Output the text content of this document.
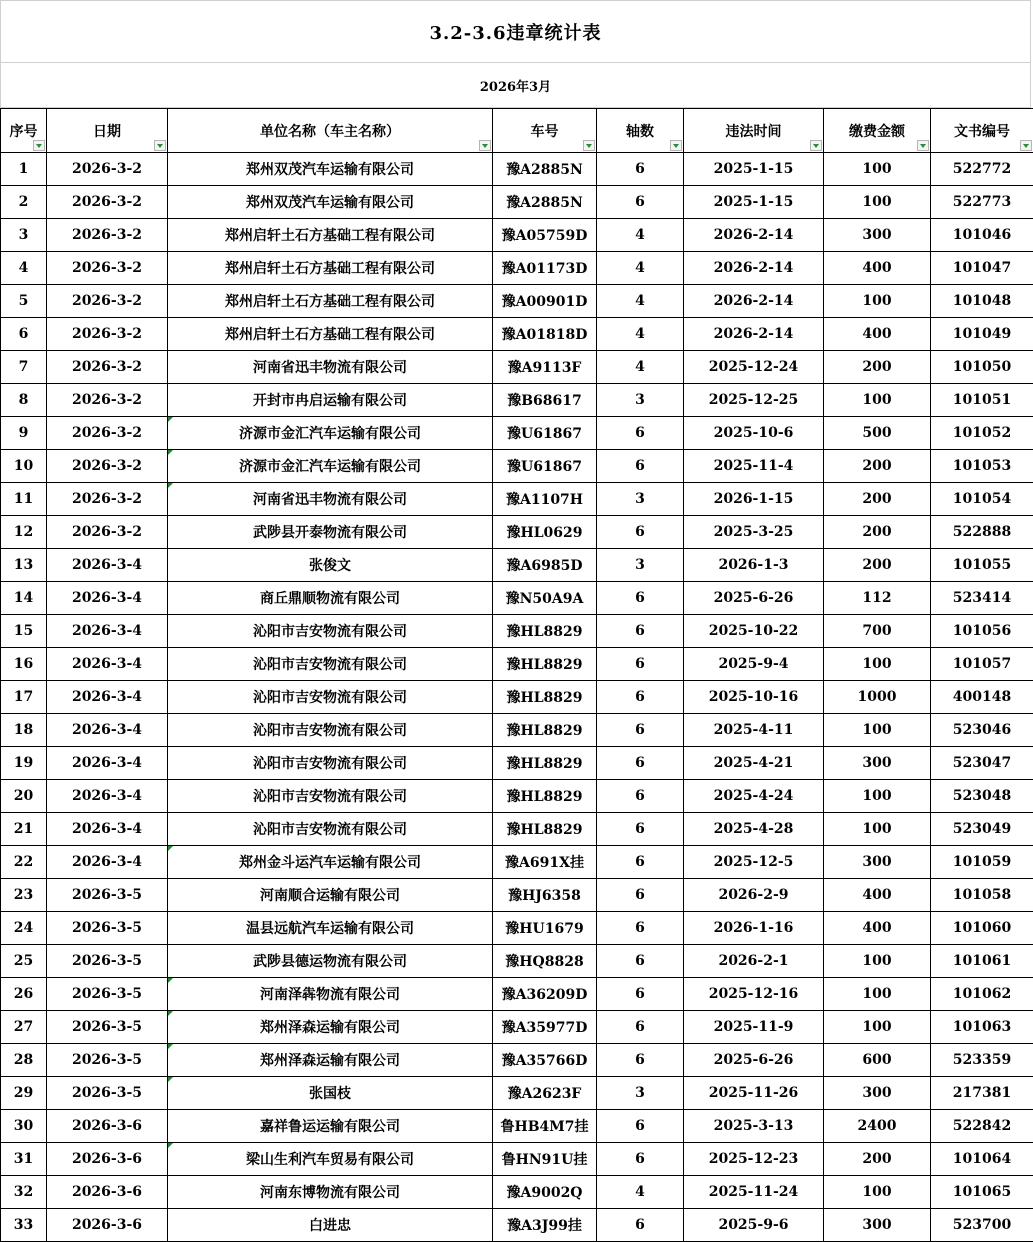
3.2-3.6违章统计表
2026年3月
序号	日期	单位名称（车主名称）	车号	轴数	违法时间	缴费金额	文书编号

1	2026-3-2	郑州双茂汽车运输有限公司	豫A2885N	6	2025-1-15	100	522772
2	2026-3-2	郑州双茂汽车运输有限公司	豫A2885N	6	2025-1-15	100	522773
3	2026-3-2	郑州启轩土石方基础工程有限公司	豫A05759D	4	2026-2-14	300	101046
4	2026-3-2	郑州启轩土石方基础工程有限公司	豫A01173D	4	2026-2-14	400	101047
5	2026-3-2	郑州启轩土石方基础工程有限公司	豫A00901D	4	2026-2-14	100	101048
6	2026-3-2	郑州启轩土石方基础工程有限公司	豫A01818D	4	2026-2-14	400	101049
7	2026-3-2	河南省迅丰物流有限公司	豫A9113F	4	2025-12-24	200	101050
8	2026-3-2	开封市冉启运输有限公司	豫B68617	3	2025-12-25	100	101051
9	2026-3-2	济源市金汇汽车运输有限公司	豫U61867	6	2025-10-6	500	101052
10	2026-3-2	济源市金汇汽车运输有限公司	豫U61867	6	2025-11-4	200	101053
11	2026-3-2	河南省迅丰物流有限公司	豫A1107H	3	2026-1-15	200	101054
12	2026-3-2	武陟县开泰物流有限公司	豫HL0629	6	2025-3-25	200	522888
13	2026-3-4	张俊文	豫A6985D	3	2026-1-3	200	101055
14	2026-3-4	商丘鼎顺物流有限公司	豫N50A9A	6	2025-6-26	112	523414
15	2026-3-4	沁阳市吉安物流有限公司	豫HL8829	6	2025-10-22	700	101056
16	2026-3-4	沁阳市吉安物流有限公司	豫HL8829	6	2025-9-4	100	101057
17	2026-3-4	沁阳市吉安物流有限公司	豫HL8829	6	2025-10-16	1000	400148
18	2026-3-4	沁阳市吉安物流有限公司	豫HL8829	6	2025-4-11	100	523046
19	2026-3-4	沁阳市吉安物流有限公司	豫HL8829	6	2025-4-21	300	523047
20	2026-3-4	沁阳市吉安物流有限公司	豫HL8829	6	2025-4-24	100	523048
21	2026-3-4	沁阳市吉安物流有限公司	豫HL8829	6	2025-4-28	100	523049
22	2026-3-4	郑州金斗运汽车运输有限公司	豫A691X挂	6	2025-12-5	300	101059
23	2026-3-5	河南顺合运输有限公司	豫HJ6358	6	2026-2-9	400	101058
24	2026-3-5	温县远航汽车运输有限公司	豫HU1679	6	2026-1-16	400	101060
25	2026-3-5	武陟县德运物流有限公司	豫HQ8828	6	2026-2-1	100	101061
26	2026-3-5	河南泽犇物流有限公司	豫A36209D	6	2025-12-16	100	101062
27	2026-3-5	郑州泽森运输有限公司	豫A35977D	6	2025-11-9	100	101063
28	2026-3-5	郑州泽森运输有限公司	豫A35766D	6	2025-6-26	600	523359
29	2026-3-5	张国枝	豫A2623F	3	2025-11-26	300	217381
30	2026-3-6	嘉祥鲁运运输有限公司	鲁HB4M7挂	6	2025-3-13	2400	522842
31	2026-3-6	梁山生利汽车贸易有限公司	鲁HN91U挂	6	2025-12-23	200	101064
32	2026-3-6	河南东博物流有限公司	豫A9002Q	4	2025-11-24	100	101065
33	2026-3-6	白进忠	豫A3J99挂	6	2025-9-6	300	523700
